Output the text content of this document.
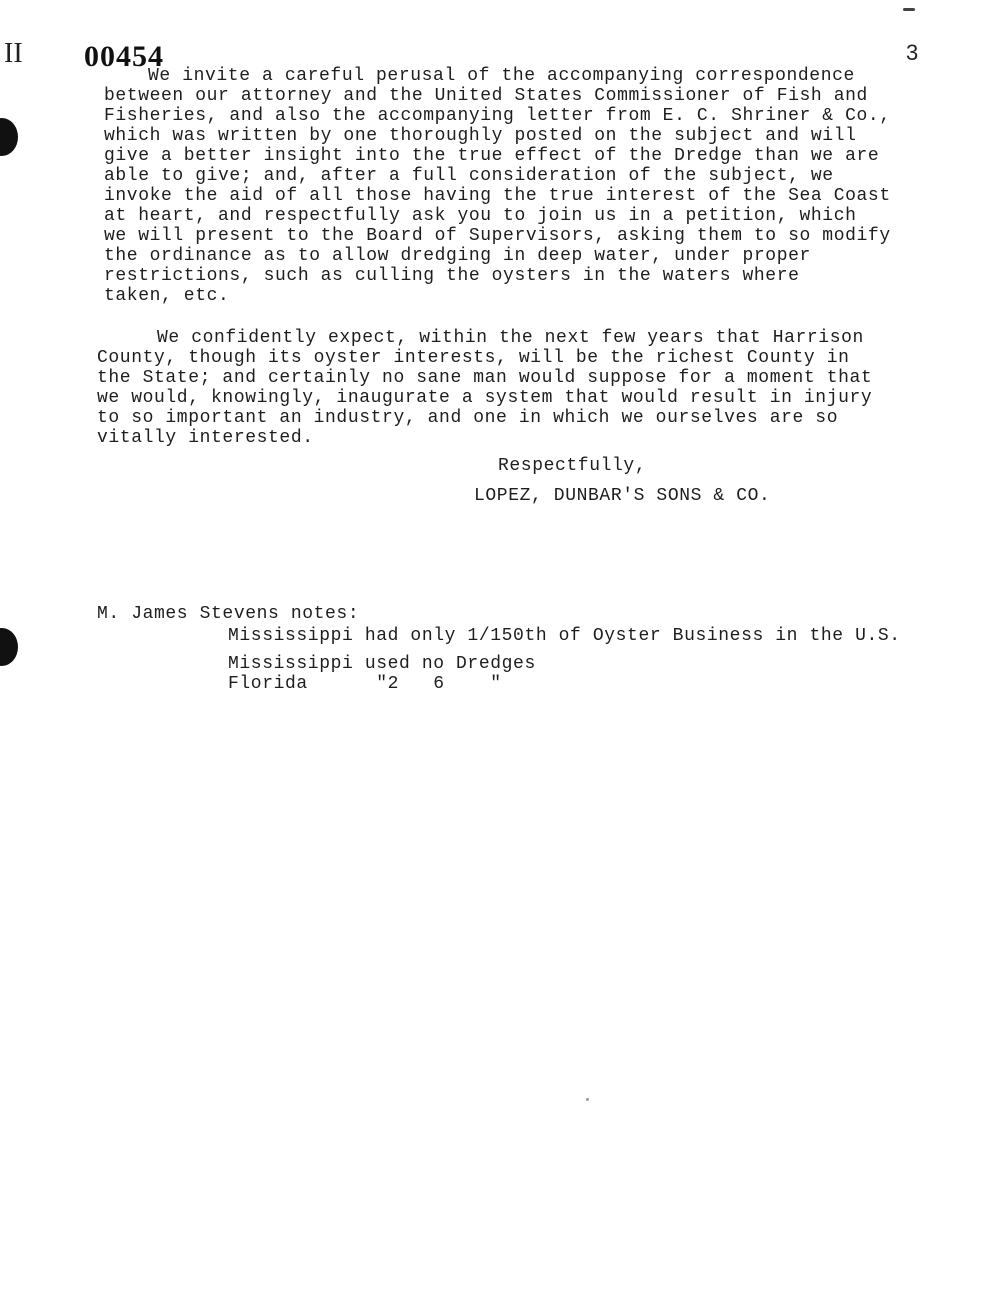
II 00454	3
We invite a careful perusal of the accompanying correspondence
between our attorney and the United States Commissioner of Fish and
Fisheries, and also the accompanying letter from E. C. Shriner & Co.,
which was written by one thoroughly posted on the subject and will
give a better insight into the true effect of the Dredge than we are
able to give; and, after a full consideration of the subject, we
invoke the aid of all those having the true interest of the Sea Coast
at heart, and respectfully ask you to join us in a petition, which
we will present to the Board of Supervisors, asking them to so modify
the ordinance as to allow dredging in deep water, under proper
restrictions, such as culling the oysters in the waters where
taken, etc.
We confidently expect, within the next few years that Harrison
County, though its oyster interests, will be the richest County in
the State; and certainly no sane man would suppose for a moment that
we would, knowingly, inaugurate a system that would result in injury
to so important an industry, and one in which we ourselves are so
vitally interested.
Respectfully,
LOPEZ, DUNBAR'S SONS & CO.
M. James Stevens notes:
Mississippi had only 1/150th of Oyster Business in the U.S.
Mississippi used no Dredges
Florida      "2   6    "
